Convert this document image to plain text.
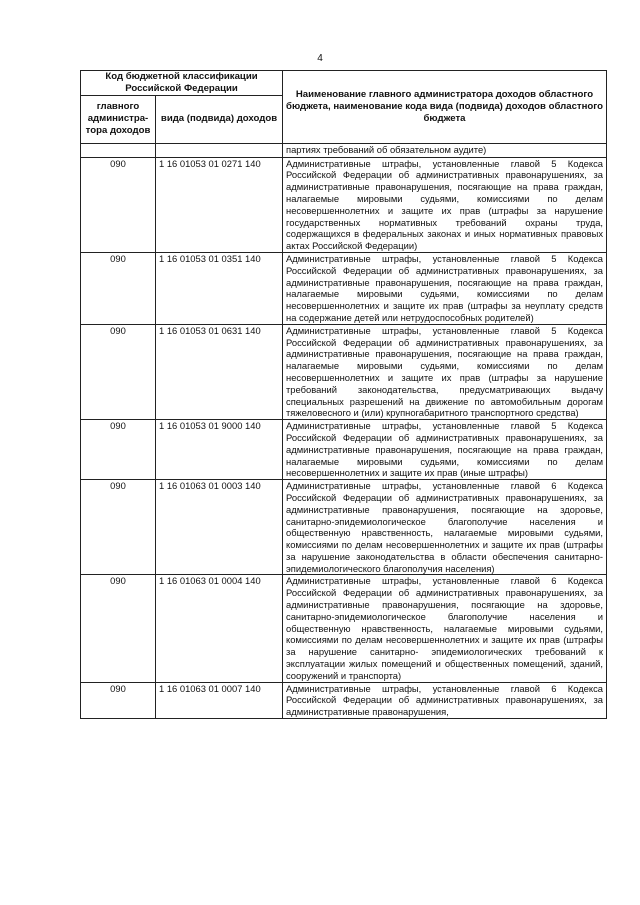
4
Код бюджетной классификации Российской Федерации		Наименование главного администратора доходов областного бюджета, наименование кода вида (подвида) доходов областного бюджета
главного администра-тора доходов	вида (подвида) доходов	
		партиях требований об обязательном аудите)
090	1 16 01053 01 0271 140	Административные штрафы, установленные главой 5 Кодекса Российской Федерации об административных правонарушениях, за административные правонарушения, посягающие на права граждан, налагаемые мировыми судьями, комиссиями по делам несовершеннолетних и защите их прав (штрафы за нарушение государственных нормативных требований охраны труда, содержащихся в федеральных законах и иных нормативных правовых актах Российской Федерации)
090	1 16 01053 01 0351 140	Административные штрафы, установленные главой 5 Кодекса Российской Федерации об административных правонарушениях, за административные правонарушения, посягающие на права граждан, налагаемые мировыми судьями, комиссиями по делам несовершеннолетних и защите их прав (штрафы за неуплату средств на содержание детей или нетрудоспособных родителей)
090	1 16 01053 01 0631 140	Административные штрафы, установленные главой 5 Кодекса Российской Федерации об административных правонарушениях, за административные правонарушения, посягающие на права граждан, налагаемые мировыми судьями, комиссиями по делам несовершеннолетних и защите их прав (штрафы за нарушение требований законодательства, предусматривающих выдачу специальных разрешений на движение по автомобильным дорогам тяжеловесного и (или) крупногабаритного транспортного средства)
090	1 16 01053 01 9000 140	Административные штрафы, установленные главой 5 Кодекса Российской Федерации об административных правонарушениях, за административные правонарушения, посягающие на права граждан, налагаемые мировыми судьями, комиссиями по делам несовершеннолетних и защите их прав (иные штрафы)
090	1 16 01063 01 0003 140	Административные штрафы, установленные главой 6 Кодекса Российской Федерации об административных правонарушениях, за административные правонарушения, посягающие на здоровье, санитарно-эпидемиологическое благополучие населения и общественную нравственность, налагаемые мировыми судьями, комиссиями по делам несовершеннолетних и защите их прав (штрафы за нарушение законодательства в области обеспечения санитарно- эпидемиологического благополучия населения)
090	1 16 01063 01 0004 140	Административные штрафы, установленные главой 6 Кодекса Российской Федерации об административных правонарушениях, за административные правонарушения, посягающие на здоровье, санитарно-эпидемиологическое благополучие населения и общественную нравственность, налагаемые мировыми судьями, комиссиями по делам несовершеннолетних и защите их прав (штрафы за нарушение санитарно- эпидемиологических требований к эксплуатации жилых помещений и общественных помещений, зданий, сооружений и транспорта)
090	1 16 01063 01 0007 140	Административные штрафы, установленные главой 6 Кодекса Российской Федерации об административных правонарушениях, за административные правонарушения,
